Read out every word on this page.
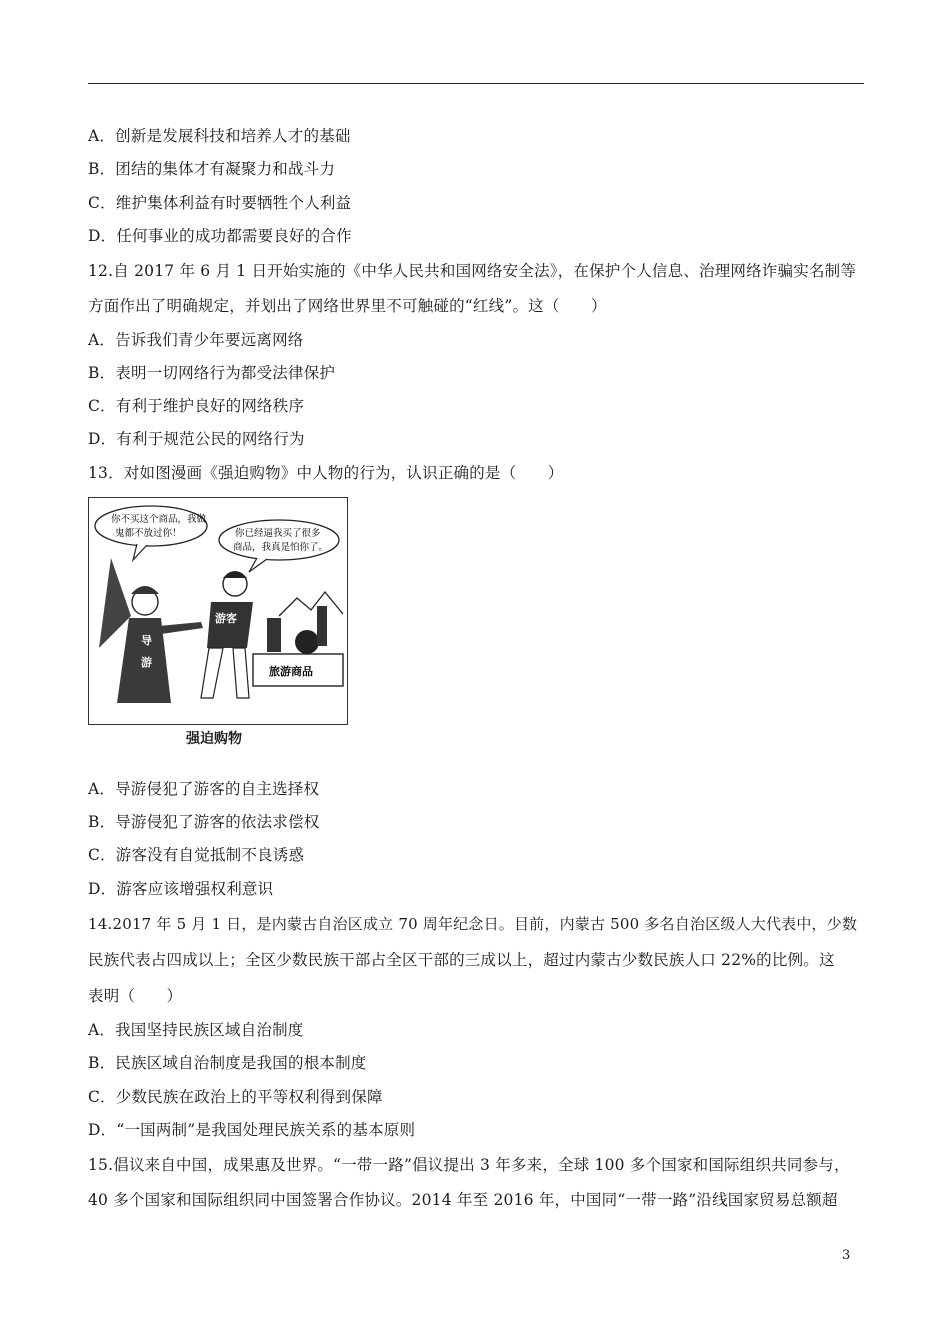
A．创新是发展科技和培养人才的基础
B．团结的集体才有凝聚力和战斗力
C．维护集体利益有时要牺牲个人利益
D．任何事业的成功都需要良好的合作
12.自 2017 年 6 月 1 日开始实施的《中华人民共和国网络安全法》，在保护个人信息、治理网络诈骗实名制等
方面作出了明确规定，并划出了网络世界里不可触碰的“红线”。这（　　）
A．告诉我们青少年要远离网络
B．表明一切网络行为都受法律保护
C．有利于维护良好的网络秩序
D．有利于规范公民的网络行为
13．对如图漫画《强迫购物》中人物的行为，认识正确的是（　　）
你不买这个商品，我做
鬼都不放过你！	你已经逼我买了很多
商品，我真是怕你了。
导
游
游客
旅游商品
强迫购物
A．导游侵犯了游客的自主选择权
B．导游侵犯了游客的依法求偿权
C．游客没有自觉抵制不良诱惑
D．游客应该增强权利意识
14.2017 年 5 月 1 日，是内蒙古自治区成立 70 周年纪念日。目前，内蒙古 500 多名自治区级人大代表中，少数
民族代表占四成以上；全区少数民族干部占全区干部的三成以上，超过内蒙古少数民族人口 22%的比例。这
表明（　　）
A．我国坚持民族区域自治制度
B．民族区域自治制度是我国的根本制度
C．少数民族在政治上的平等权利得到保障
D．“一国两制”是我国处理民族关系的基本原则
15.倡议来自中国，成果惠及世界。“一带一路”倡议提出 3 年多来，全球 100 多个国家和国际组织共同参与，
40 多个国家和国际组织同中国签署合作协议。2014 年至 2016 年，中国同“一带一路”沿线国家贸易总额超
3
